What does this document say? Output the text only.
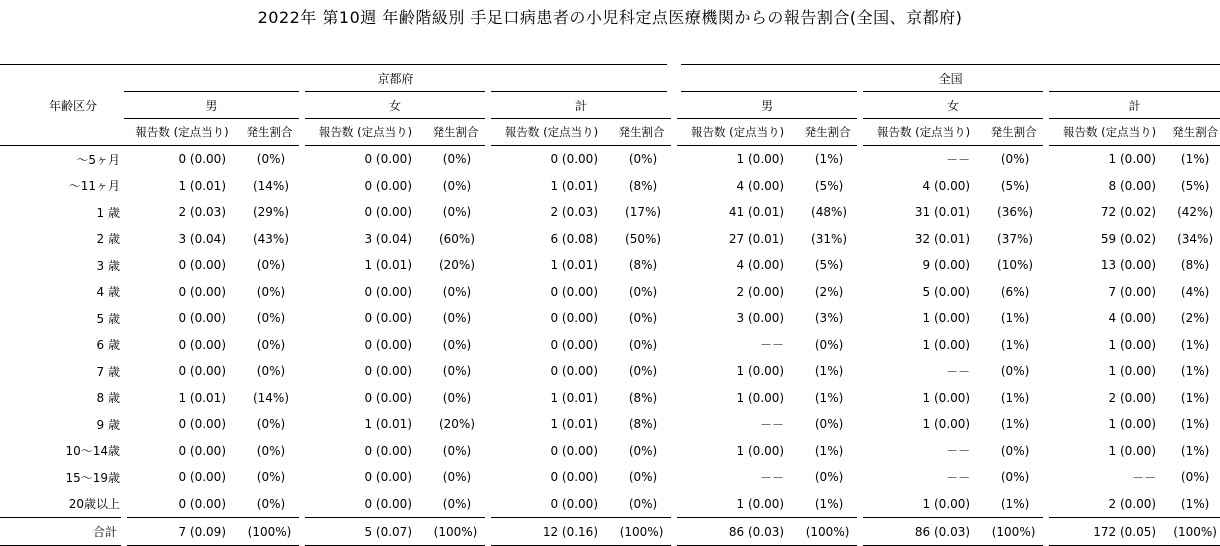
2022年 第10週 年齢階級別 手足口病患者の小児科定点医療機関からの報告割合(全国、京都府)
年齢区分	京都府						全国					
	男		女		計		男		女		計	
	報告数 (定点当り)	発生割合	報告数 (定点当り)	発生割合	報告数 (定点当り)	発生割合	報告数 (定点当り)	発生割合	報告数 (定点当り)	発生割合	報告数 (定点当り)	発生割合
～5ヶ月	0 (0.00)	(0%)	0 (0.00)	(0%)	0 (0.00)	(0%)	1 (0.00)	(1%)	－－	(0%)	1 (0.00)	(1%)
～11ヶ月	1 (0.01)	(14%)	0 (0.00)	(0%)	1 (0.01)	(8%)	4 (0.00)	(5%)	4 (0.00)	(5%)	8 (0.00)	(5%)
1 歳	2 (0.03)	(29%)	0 (0.00)	(0%)	2 (0.03)	(17%)	41 (0.01)	(48%)	31 (0.01)	(36%)	72 (0.02)	(42%)
2 歳	3 (0.04)	(43%)	3 (0.04)	(60%)	6 (0.08)	(50%)	27 (0.01)	(31%)	32 (0.01)	(37%)	59 (0.02)	(34%)
3 歳	0 (0.00)	(0%)	1 (0.01)	(20%)	1 (0.01)	(8%)	4 (0.00)	(5%)	9 (0.00)	(10%)	13 (0.00)	(8%)
4 歳	0 (0.00)	(0%)	0 (0.00)	(0%)	0 (0.00)	(0%)	2 (0.00)	(2%)	5 (0.00)	(6%)	7 (0.00)	(4%)
5 歳	0 (0.00)	(0%)	0 (0.00)	(0%)	0 (0.00)	(0%)	3 (0.00)	(3%)	1 (0.00)	(1%)	4 (0.00)	(2%)
6 歳	0 (0.00)	(0%)	0 (0.00)	(0%)	0 (0.00)	(0%)	－－	(0%)	1 (0.00)	(1%)	1 (0.00)	(1%)
7 歳	0 (0.00)	(0%)	0 (0.00)	(0%)	0 (0.00)	(0%)	1 (0.00)	(1%)	－－	(0%)	1 (0.00)	(1%)
8 歳	1 (0.01)	(14%)	0 (0.00)	(0%)	1 (0.01)	(8%)	1 (0.00)	(1%)	1 (0.00)	(1%)	2 (0.00)	(1%)
9 歳	0 (0.00)	(0%)	1 (0.01)	(20%)	1 (0.01)	(8%)	－－	(0%)	1 (0.00)	(1%)	1 (0.00)	(1%)
10～14歳	0 (0.00)	(0%)	0 (0.00)	(0%)	0 (0.00)	(0%)	1 (0.00)	(1%)	－－	(0%)	1 (0.00)	(1%)
15～19歳	0 (0.00)	(0%)	0 (0.00)	(0%)	0 (0.00)	(0%)	－－	(0%)	－－	(0%)	－－	(0%)
20歳以上	0 (0.00)	(0%)	0 (0.00)	(0%)	0 (0.00)	(0%)	1 (0.00)	(1%)	1 (0.00)	(1%)	2 (0.00)	(1%)
合計	7 (0.09)	(100%)	5 (0.07)	(100%)	12 (0.16)	(100%)	86 (0.03)	(100%)	86 (0.03)	(100%)	172 (0.05)	(100%)
